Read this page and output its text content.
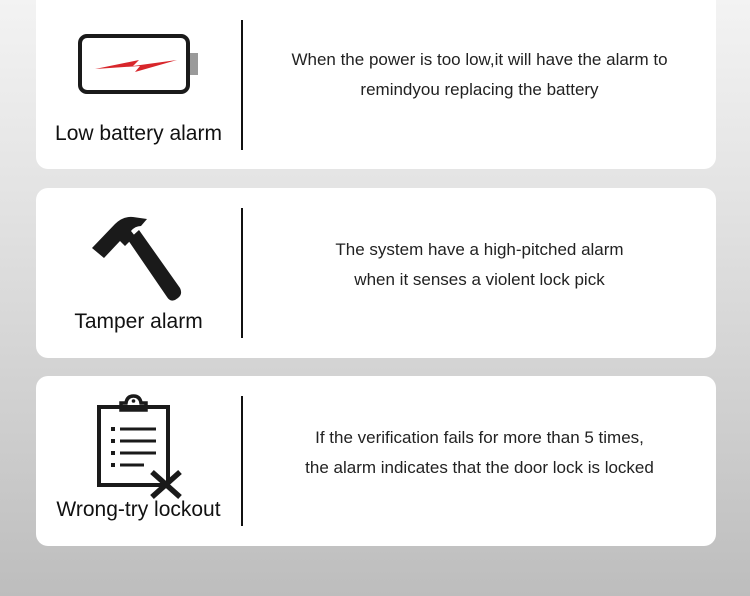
Low battery alarm
When the power is too low,it will have the alarm to
remindyou replacing the battery
Tamper alarm
The system have a high-pitched alarm
when it senses a violent lock pick
Wrong-try lockout
If the verification fails for more than 5 times,
the alarm indicates that the door lock is locked
